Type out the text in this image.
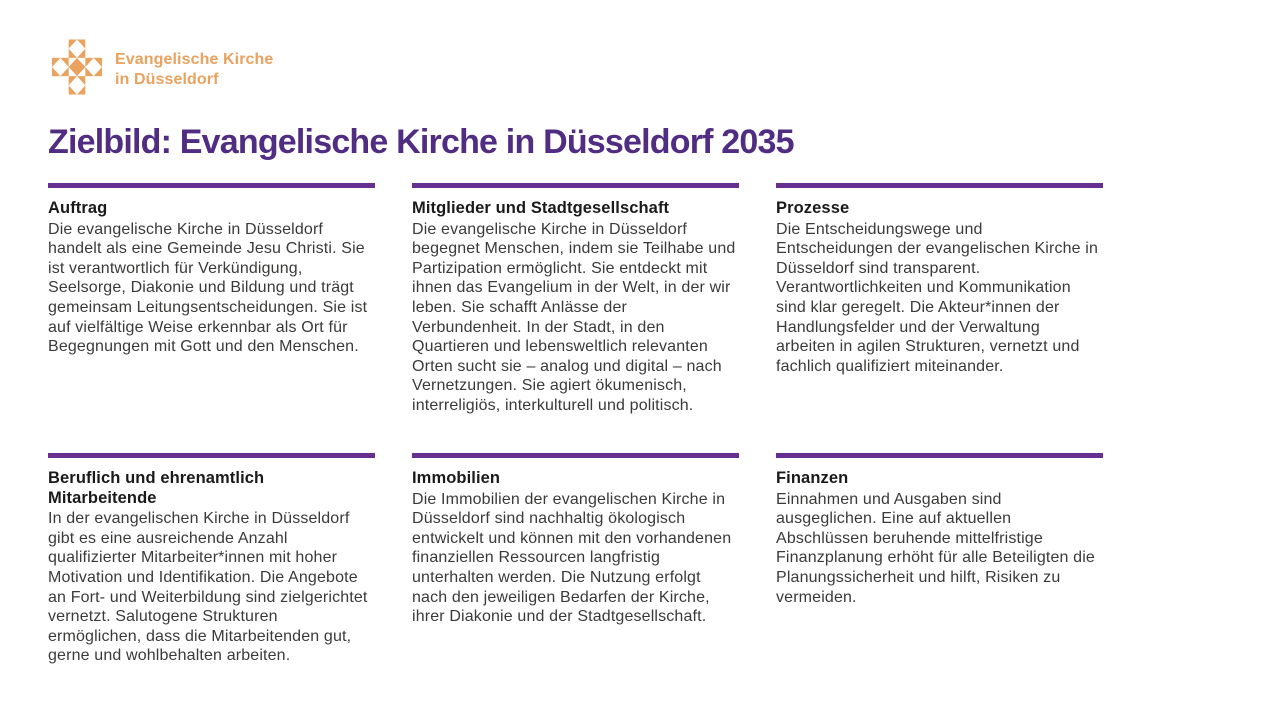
Evangelische Kirche
in Düsseldorf
Zielbild: Evangelische Kirche in Düsseldorf 2035
Auftrag

Die evangelische Kirche in Düsseldorf handelt als eine Gemeinde Jesu Christi. Sie ist verantwortlich für Verkündigung, Seelsorge, Diakonie und Bildung und trägt gemeinsam Leitungsentscheidungen. Sie ist auf vielfältige Weise erkennbar als Ort für Begegnungen mit Gott und den Menschen.

Mitglieder und Stadtgesellschaft

Die evangelische Kirche in Düsseldorf begegnet Menschen, indem sie Teilhabe und Partizipation ermöglicht. Sie entdeckt mit ihnen das Evangelium in der Welt, in der wir leben. Sie schafft Anlässe der Verbundenheit. In der Stadt, in den Quartieren und lebensweltlich relevanten Orten sucht sie – analog und digital – nach Vernetzungen. Sie agiert ökumenisch, interreligiös, interkulturell und politisch.

Prozesse

Die Entscheidungswege und Entscheidungen der evangelischen Kirche in Düsseldorf sind transparent. Verantwortlichkeiten und Kommunikation sind klar geregelt. Die Akteur*innen der Handlungsfelder und der Verwaltung arbeiten in agilen Strukturen, vernetzt und fachlich qualifiziert miteinander.

Beruflich und ehrenamtlich Mitarbeitende

In der evangelischen Kirche in Düsseldorf gibt es eine ausreichende Anzahl qualifizierter Mitarbeiter*innen mit hoher Motivation und Identifikation. Die Angebote an Fort- und Weiterbildung sind zielgerichtet vernetzt. Salutogene Strukturen ermöglichen, dass die Mitarbeitenden gut, gerne und wohlbehalten arbeiten.

Immobilien

Die Immobilien der evangelischen Kirche in Düsseldorf sind nachhaltig ökologisch entwickelt und können mit den vorhandenen finanziellen Ressourcen langfristig unterhalten werden. Die Nutzung erfolgt nach den jeweiligen Bedarfen der Kirche, ihrer Diakonie und der Stadtgesellschaft.

Finanzen

Einnahmen und Ausgaben sind ausgeglichen. Eine auf aktuellen Abschlüssen beruhende mittelfristige Finanzplanung erhöht für alle Beteiligten die Planungssicherheit und hilft, Risiken zu vermeiden.
